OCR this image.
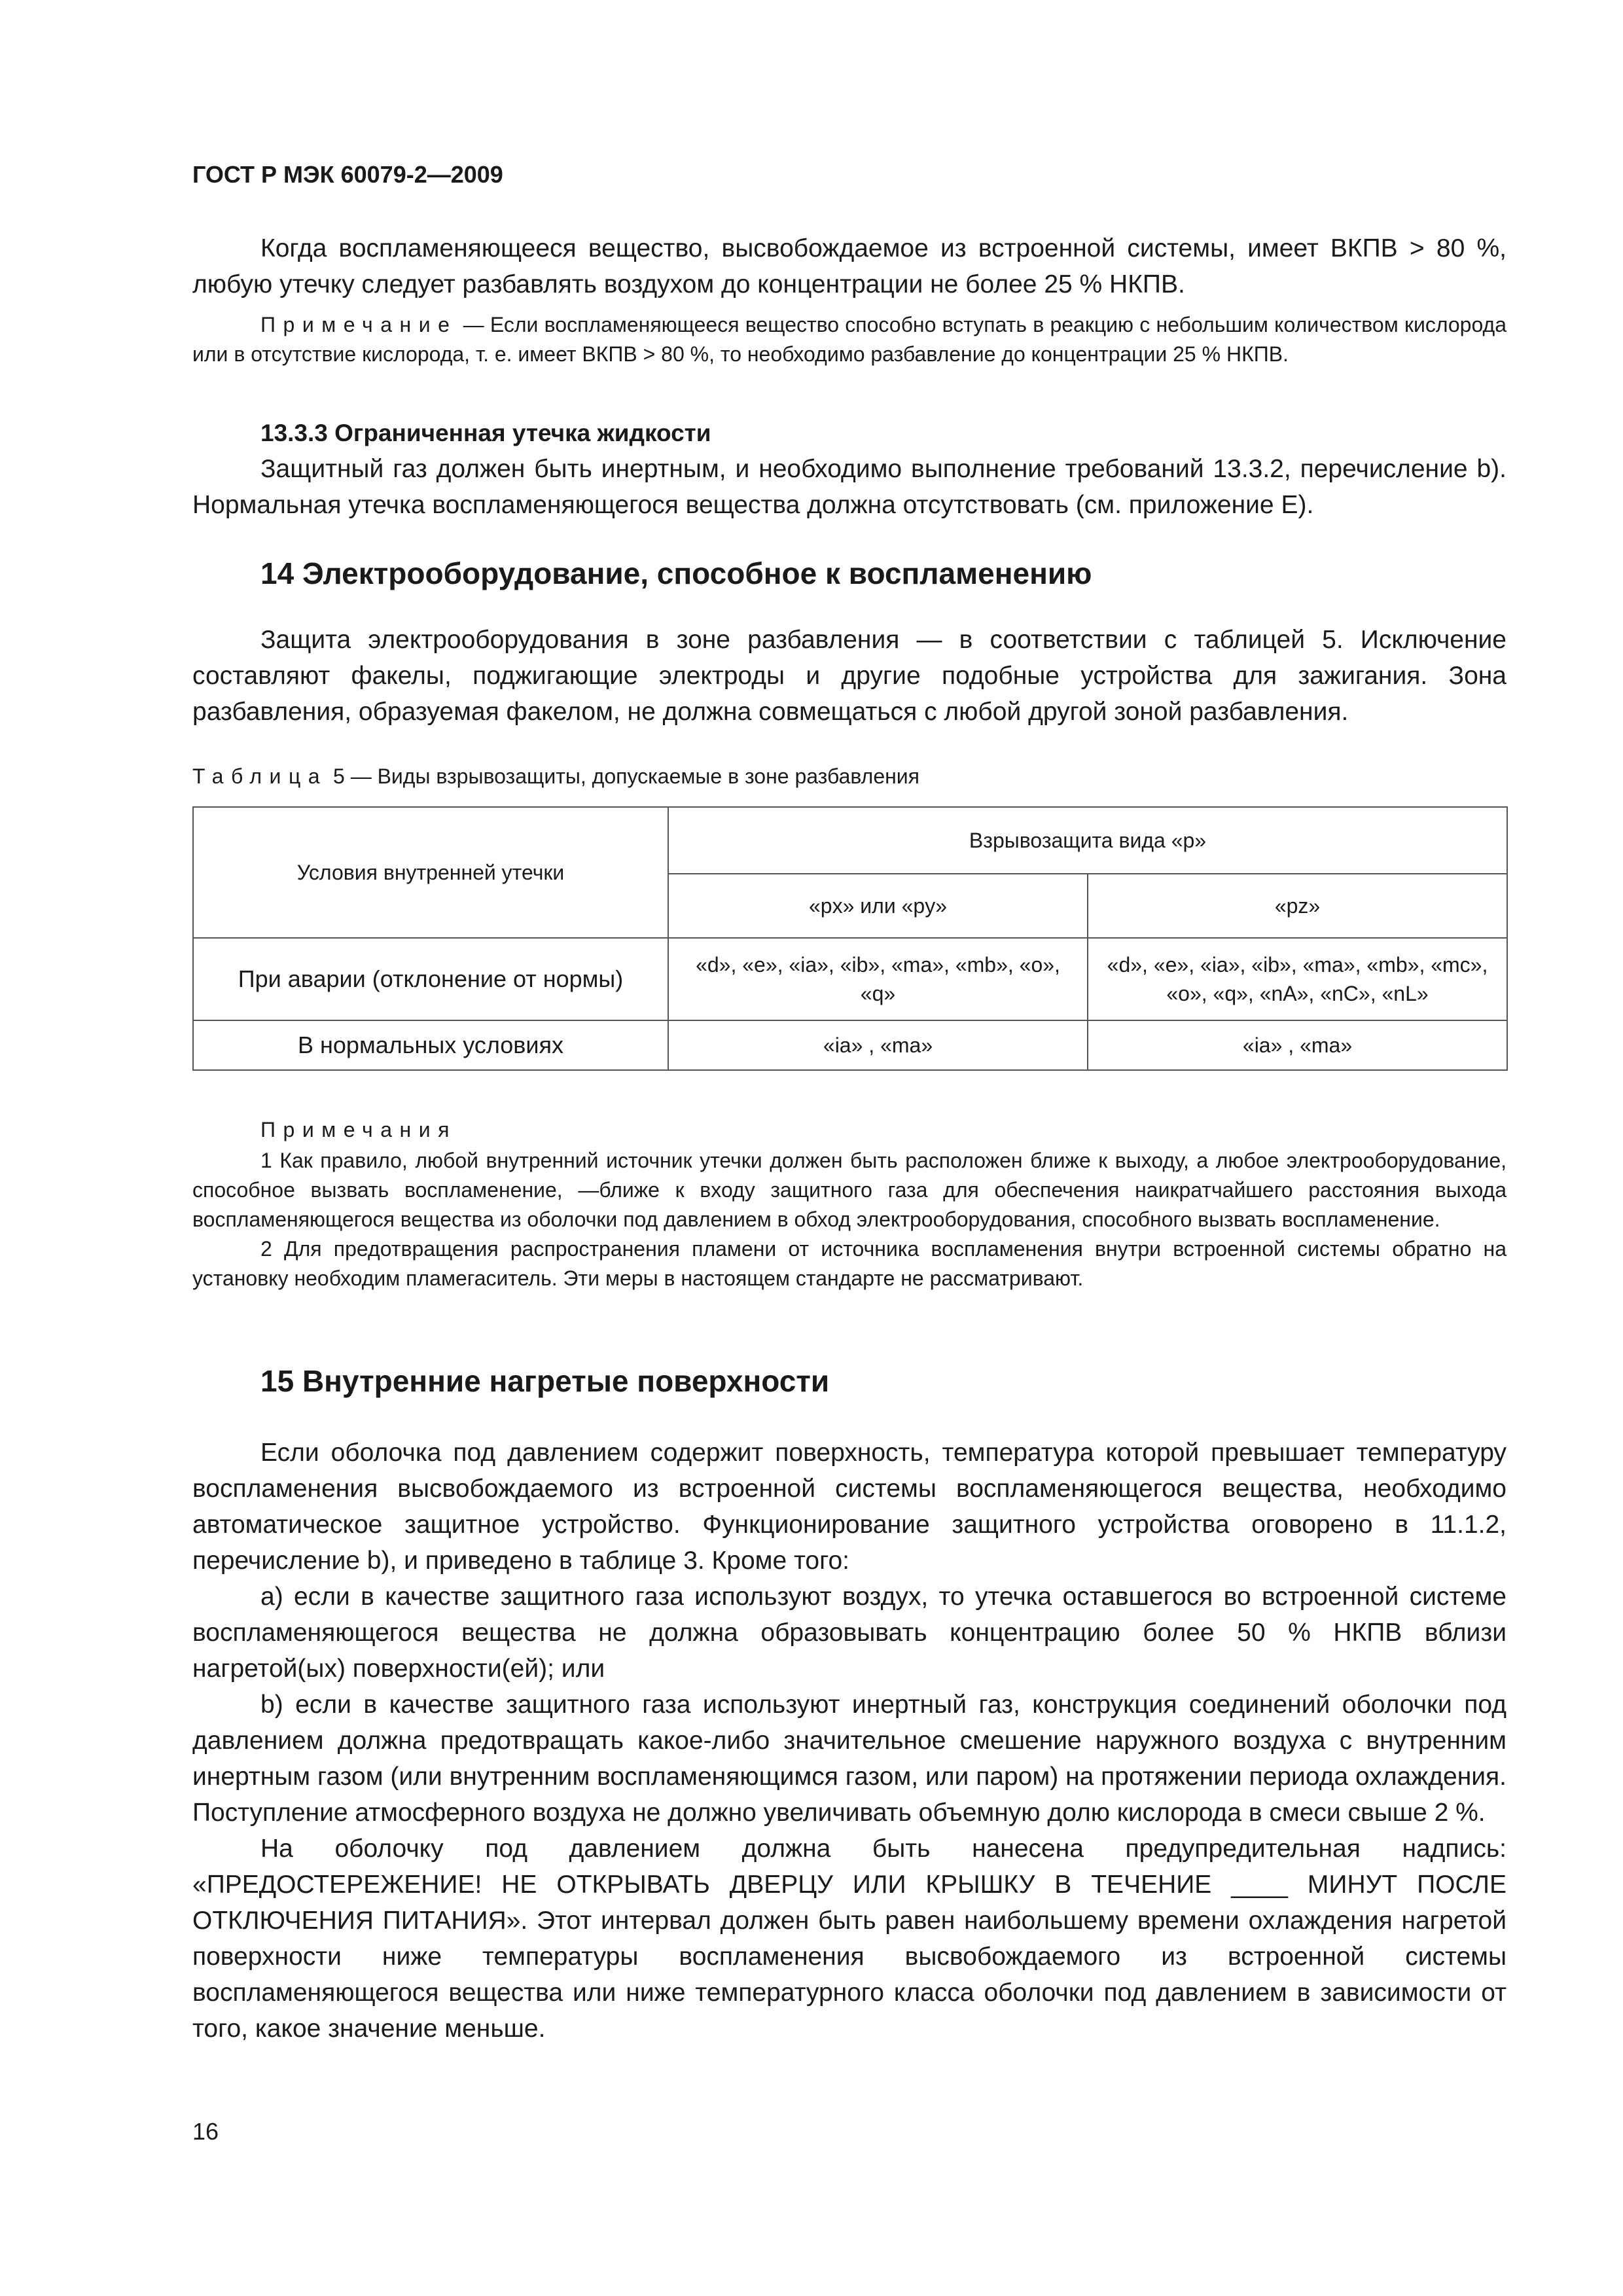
ГОСТ Р МЭК 60079-2—2009

Когда воспламеняющееся вещество, высвобождаемое из встроенной системы, имеет ВКПВ > 80 %, любую утечку следует разбавлять воздухом до концентрации не более 25 % НКПВ.

Примечание — Если воспламеняющееся вещество способно вступать в реакцию с небольшим количеством кислорода или в отсутствие кислорода, т. е. имеет ВКПВ > 80 %, то необходимо разбавление до концентрации 25 % НКПВ.

13.3.3 Ограниченная утечка жидкости

Защитный газ должен быть инертным, и необходимо выполнение требований 13.3.2, перечисление b). Нормальная утечка воспламеняющегося вещества должна отсутствовать (см. приложение Е).

14 Электрооборудование, способное к воспламенению

Защита электрооборудования в зоне разбавления — в соответствии с таблицей 5. Исключение составляют факелы, поджигающие электроды и другие подобные устройства для зажигания. Зона разбавления, образуемая факелом, не должна совмещаться с любой другой зоной разбавления.

Таблица 5 — Виды взрывозащиты, допускаемые в зоне разбавления
Условия внутренней утечки	Взрывозащита вида «р»	
	«px» или «py»	«pz»
При аварии (отклонение от нормы)	«d», «e», «ia», «ib», «ma», «mb», «o», «q»	«d», «e», «ia», «ib», «ma», «mb», «mc», «o», «q», «nA», «nC», «nL»
В нормальных условиях	«ia» , «ma»	«ia» , «ma»
Примечания

1 Как правило, любой внутренний источник утечки должен быть расположен ближе к выходу, а любое электрооборудование, способное вызвать воспламенение, —ближе к входу защитного газа для обеспечения наикратчайшего расстояния выхода воспламеняющегося вещества из оболочки под давлением в обход электрооборудования, способного вызвать воспламенение.

2 Для предотвращения распространения пламени от источника воспламенения внутри встроенной системы обратно на установку необходим пламегаситель. Эти меры в настоящем стандарте не рассматривают.

15 Внутренние нагретые поверхности

Если оболочка под давлением содержит поверхность, температура которой превышает температуру воспламенения высвобождаемого из встроенной системы воспламеняющегося вещества, необходимо автоматическое защитное устройство. Функционирование защитного устройства оговорено в 11.1.2, перечисление b), и приведено в таблице 3. Кроме того:

а) если в качестве защитного газа используют воздух, то утечка оставшегося во встроенной системе воспламеняющегося вещества не должна образовывать концентрацию более 50 % НКПВ вблизи нагретой(ых) поверхности(ей); или

b) если в качестве защитного газа используют инертный газ, конструкция соединений оболочки под давлением должна предотвращать какое-либо значительное смешение наружного воздуха с внутренним инертным газом (или внутренним воспламеняющимся газом, или паром) на протяжении периода охлаждения. Поступление атмосферного воздуха не должно увеличивать объемную долю кислорода в смеси свыше 2 %.

На оболочку под давлением должна быть нанесена предупредительная надпись: «ПРЕДОСТЕРЕЖЕНИЕ! НЕ ОТКРЫВАТЬ ДВЕРЦУ ИЛИ КРЫШКУ В ТЕЧЕНИЕ ____ МИНУТ ПОСЛЕ ОТКЛЮЧЕНИЯ ПИТАНИЯ». Этот интервал должен быть равен наибольшему времени охлаждения нагретой поверхности ниже температуры воспламенения высвобождаемого из встроенной системы воспламеняющегося вещества или ниже температурного класса оболочки под давлением в зависимости от того, какое значение меньше.

16
